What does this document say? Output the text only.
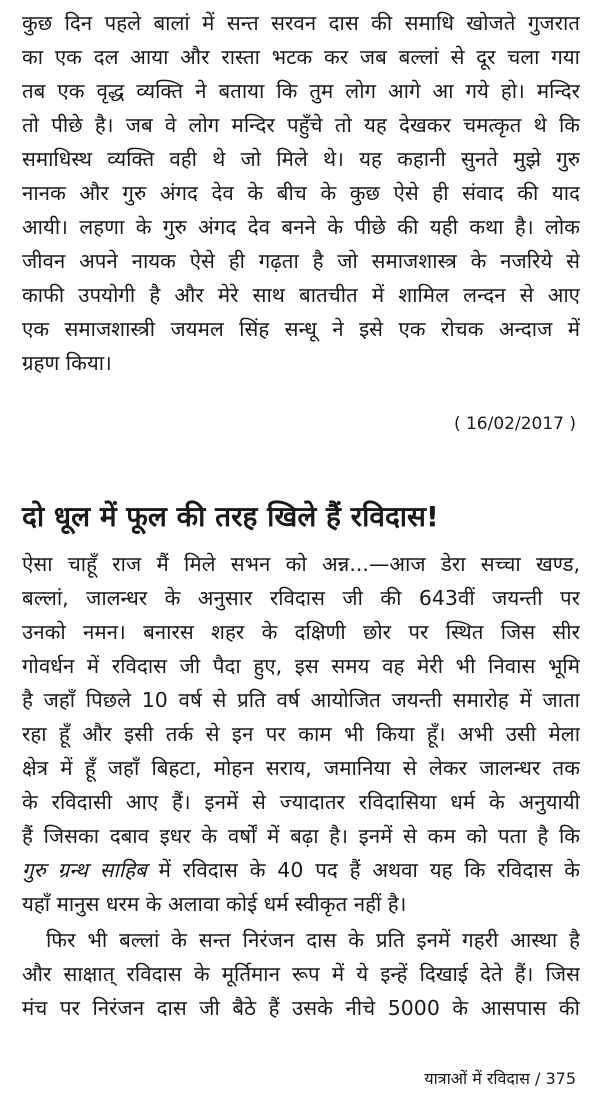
कुछ दिन पहले बालां में सन्त सरवन दास की समाधि खोजते गुजरात
का एक दल आया और रास्ता भटक कर जब बल्लां से दूर चला गया
तब एक वृद्ध व्यक्ति ने बताया कि तुम लोग आगे आ गये हो। मन्दिर
तो पीछे है। जब वे लोग मन्दिर पहुँचे तो यह देखकर चमत्कृत थे कि
समाधिस्थ व्यक्ति वही थे जो मिले थे। यह कहानी सुनते मुझे गुरु
नानक और गुरु अंगद देव के बीच के कुछ ऐसे ही संवाद की याद
आयी। लहणा के गुरु अंगद देव बनने के पीछे की यही कथा है। लोक
जीवन अपने नायक ऐसे ही गढ़ता है जो समाजशास्त्र के नजरिये से
काफी उपयोगी है और मेरे साथ बातचीत में शामिल लन्दन से आए
एक समाजशास्त्री जयमल सिंह सन्धू ने इसे एक रोचक अन्दाज में
ग्रहण किया।
( 16/02/2017 )
दो धूल में फूल की तरह खिले हैं रविदास!
ऐसा चाहूँ राज मैं मिले सभन को अन्न...—आज डेरा सच्चा खण्ड,
बल्लां, जालन्धर के अनुसार रविदास जी की 643वीं जयन्ती पर
उनको नमन। बनारस शहर के दक्षिणी छोर पर स्थित जिस सीर
गोवर्धन में रविदास जी पैदा हुए, इस समय वह मेरी भी निवास भूमि
है जहाँ पिछले 10 वर्ष से प्रति वर्ष आयोजित जयन्ती समारोह में जाता
रहा हूँ और इसी तर्क से इन पर काम भी किया हूँ। अभी उसी मेला
क्षेत्र में हूँ जहाँ बिहटा, मोहन सराय, जमानिया से लेकर जालन्धर तक
के रविदासी आए हैं। इनमें से ज्यादातर रविदासिया धर्म के अनुयायी
हैं जिसका दबाव इधर के वर्षों में बढ़ा है। इनमें से कम को पता है कि
गुरु ग्रन्थ साहिब में रविदास के 40 पद हैं अथवा यह कि रविदास के
यहाँ मानुस धरम के अलावा कोई धर्म स्वीकृत नहीं है।
फिर भी बल्लां के सन्त निरंजन दास के प्रति इनमें गहरी आस्था है
और साक्षात् रविदास के मूर्तिमान रूप में ये इन्हें दिखाई देते हैं। जिस
मंच पर निरंजन दास जी बैठे हैं उसके नीचे 5000 के आसपास की
यात्राओं में रविदास / 375
